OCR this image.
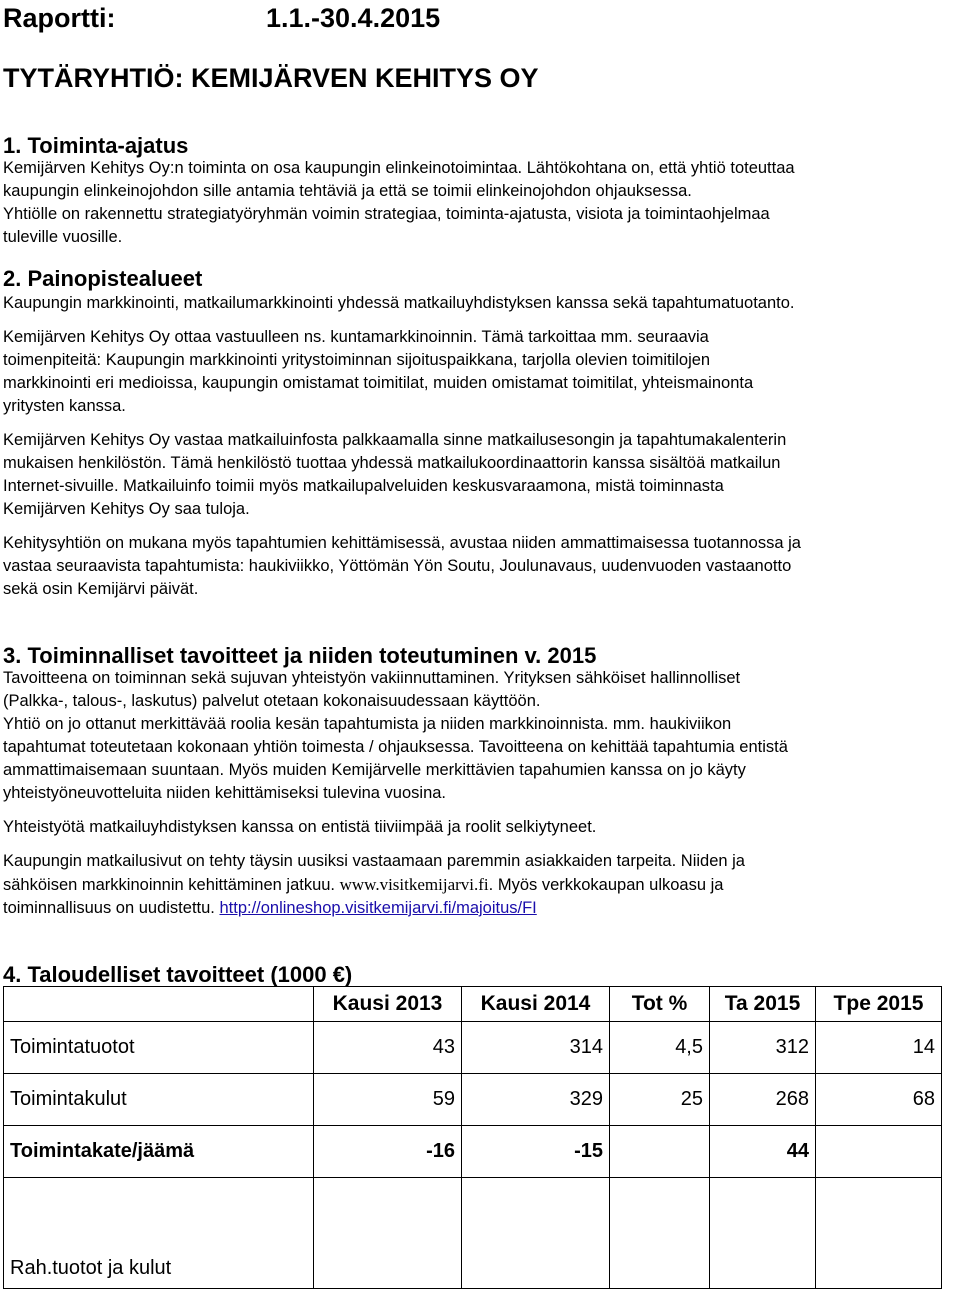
Raportti:	1.1.-30.4.2015
TYTÄRYHTIÖ: KEMIJÄRVEN KEHITYS OY
1. Toiminta-ajatus
Kemijärven Kehitys Oy:n toiminta on osa kaupungin elinkeinotoimintaa. Lähtökohtana on, että yhtiö toteuttaa
kaupungin elinkeinojohdon sille antamia tehtäviä ja että se toimii elinkeinojohdon ohjauksessa.
Yhtiölle on rakennettu strategiatyöryhmän voimin strategiaa, toiminta-ajatusta, visiota ja toimintaohjelmaa
tuleville vuosille.
2. Painopistealueet
Kaupungin markkinointi, matkailumarkkinointi yhdessä matkailuyhdistyksen kanssa sekä tapahtumatuotanto.
Kemijärven Kehitys Oy ottaa vastuulleen ns. kuntamarkkinoinnin. Tämä tarkoittaa mm. seuraavia
toimenpiteitä: Kaupungin markkinointi yritystoiminnan sijoituspaikkana, tarjolla olevien toimitilojen
markkinointi eri medioissa, kaupungin omistamat toimitilat, muiden omistamat toimitilat, yhteismainonta
yritysten kanssa.
Kemijärven Kehitys Oy vastaa matkailuinfosta palkkaamalla sinne matkailusesongin ja tapahtumakalenterin
mukaisen henkilöstön. Tämä henkilöstö tuottaa yhdessä matkailukoordinaattorin kanssa sisältöä matkailun
Internet-sivuille. Matkailuinfo toimii myös matkailupalveluiden keskusvaraamona, mistä toiminnasta
Kemijärven Kehitys Oy saa tuloja.
Kehitysyhtiön on mukana myös tapahtumien kehittämisessä, avustaa niiden ammattimaisessa tuotannossa ja
vastaa seuraavista tapahtumista: haukiviikko, Yöttömän Yön Soutu, Joulunavaus, uudenvuoden vastaanotto
sekä osin Kemijärvi päivät.
3. Toiminnalliset tavoitteet ja niiden toteutuminen v. 2015
Tavoitteena on toiminnan sekä sujuvan yhteistyön vakiinnuttaminen. Yrityksen sähköiset hallinnolliset
(Palkka-, talous-, laskutus) palvelut otetaan kokonaisuudessaan käyttöön.
Yhtiö on jo ottanut merkittävää roolia kesän tapahtumista ja niiden markkinoinnista. mm. haukiviikon
tapahtumat toteutetaan kokonaan yhtiön toimesta / ohjauksessa. Tavoitteena on kehittää tapahtumia entistä
ammattimaisemaan suuntaan. Myös muiden Kemijärvelle merkittävien tapahumien kanssa on jo käyty
yhteistyöneuvotteluita niiden kehittämiseksi tulevina vuosina.
Yhteistyötä matkailuyhdistyksen kanssa on entistä tiiviimpää ja roolit selkiytyneet.
Kaupungin matkailusivut on tehty täysin uusiksi vastaamaan paremmin asiakkaiden tarpeita. Niiden ja
sähköisen markkinoinnin kehittäminen jatkuu. www.visitkemijarvi.fi. Myös verkkokaupan ulkoasu ja
toiminnallisuus on uudistettu. http://onlineshop.visitkemijarvi.fi/majoitus/FI
4. Taloudelliset tavoitteet (1000 €)
	Kausi 2013	Kausi 2014	Tot %	Ta 2015	Tpe 2015
Toimintatuotot	43	314	4,5	312	14
Toimintakulut	59	329	25	268	68
Toimintakate/jäämä	-16	-15		44	
Rah.tuotot ja kulut					
